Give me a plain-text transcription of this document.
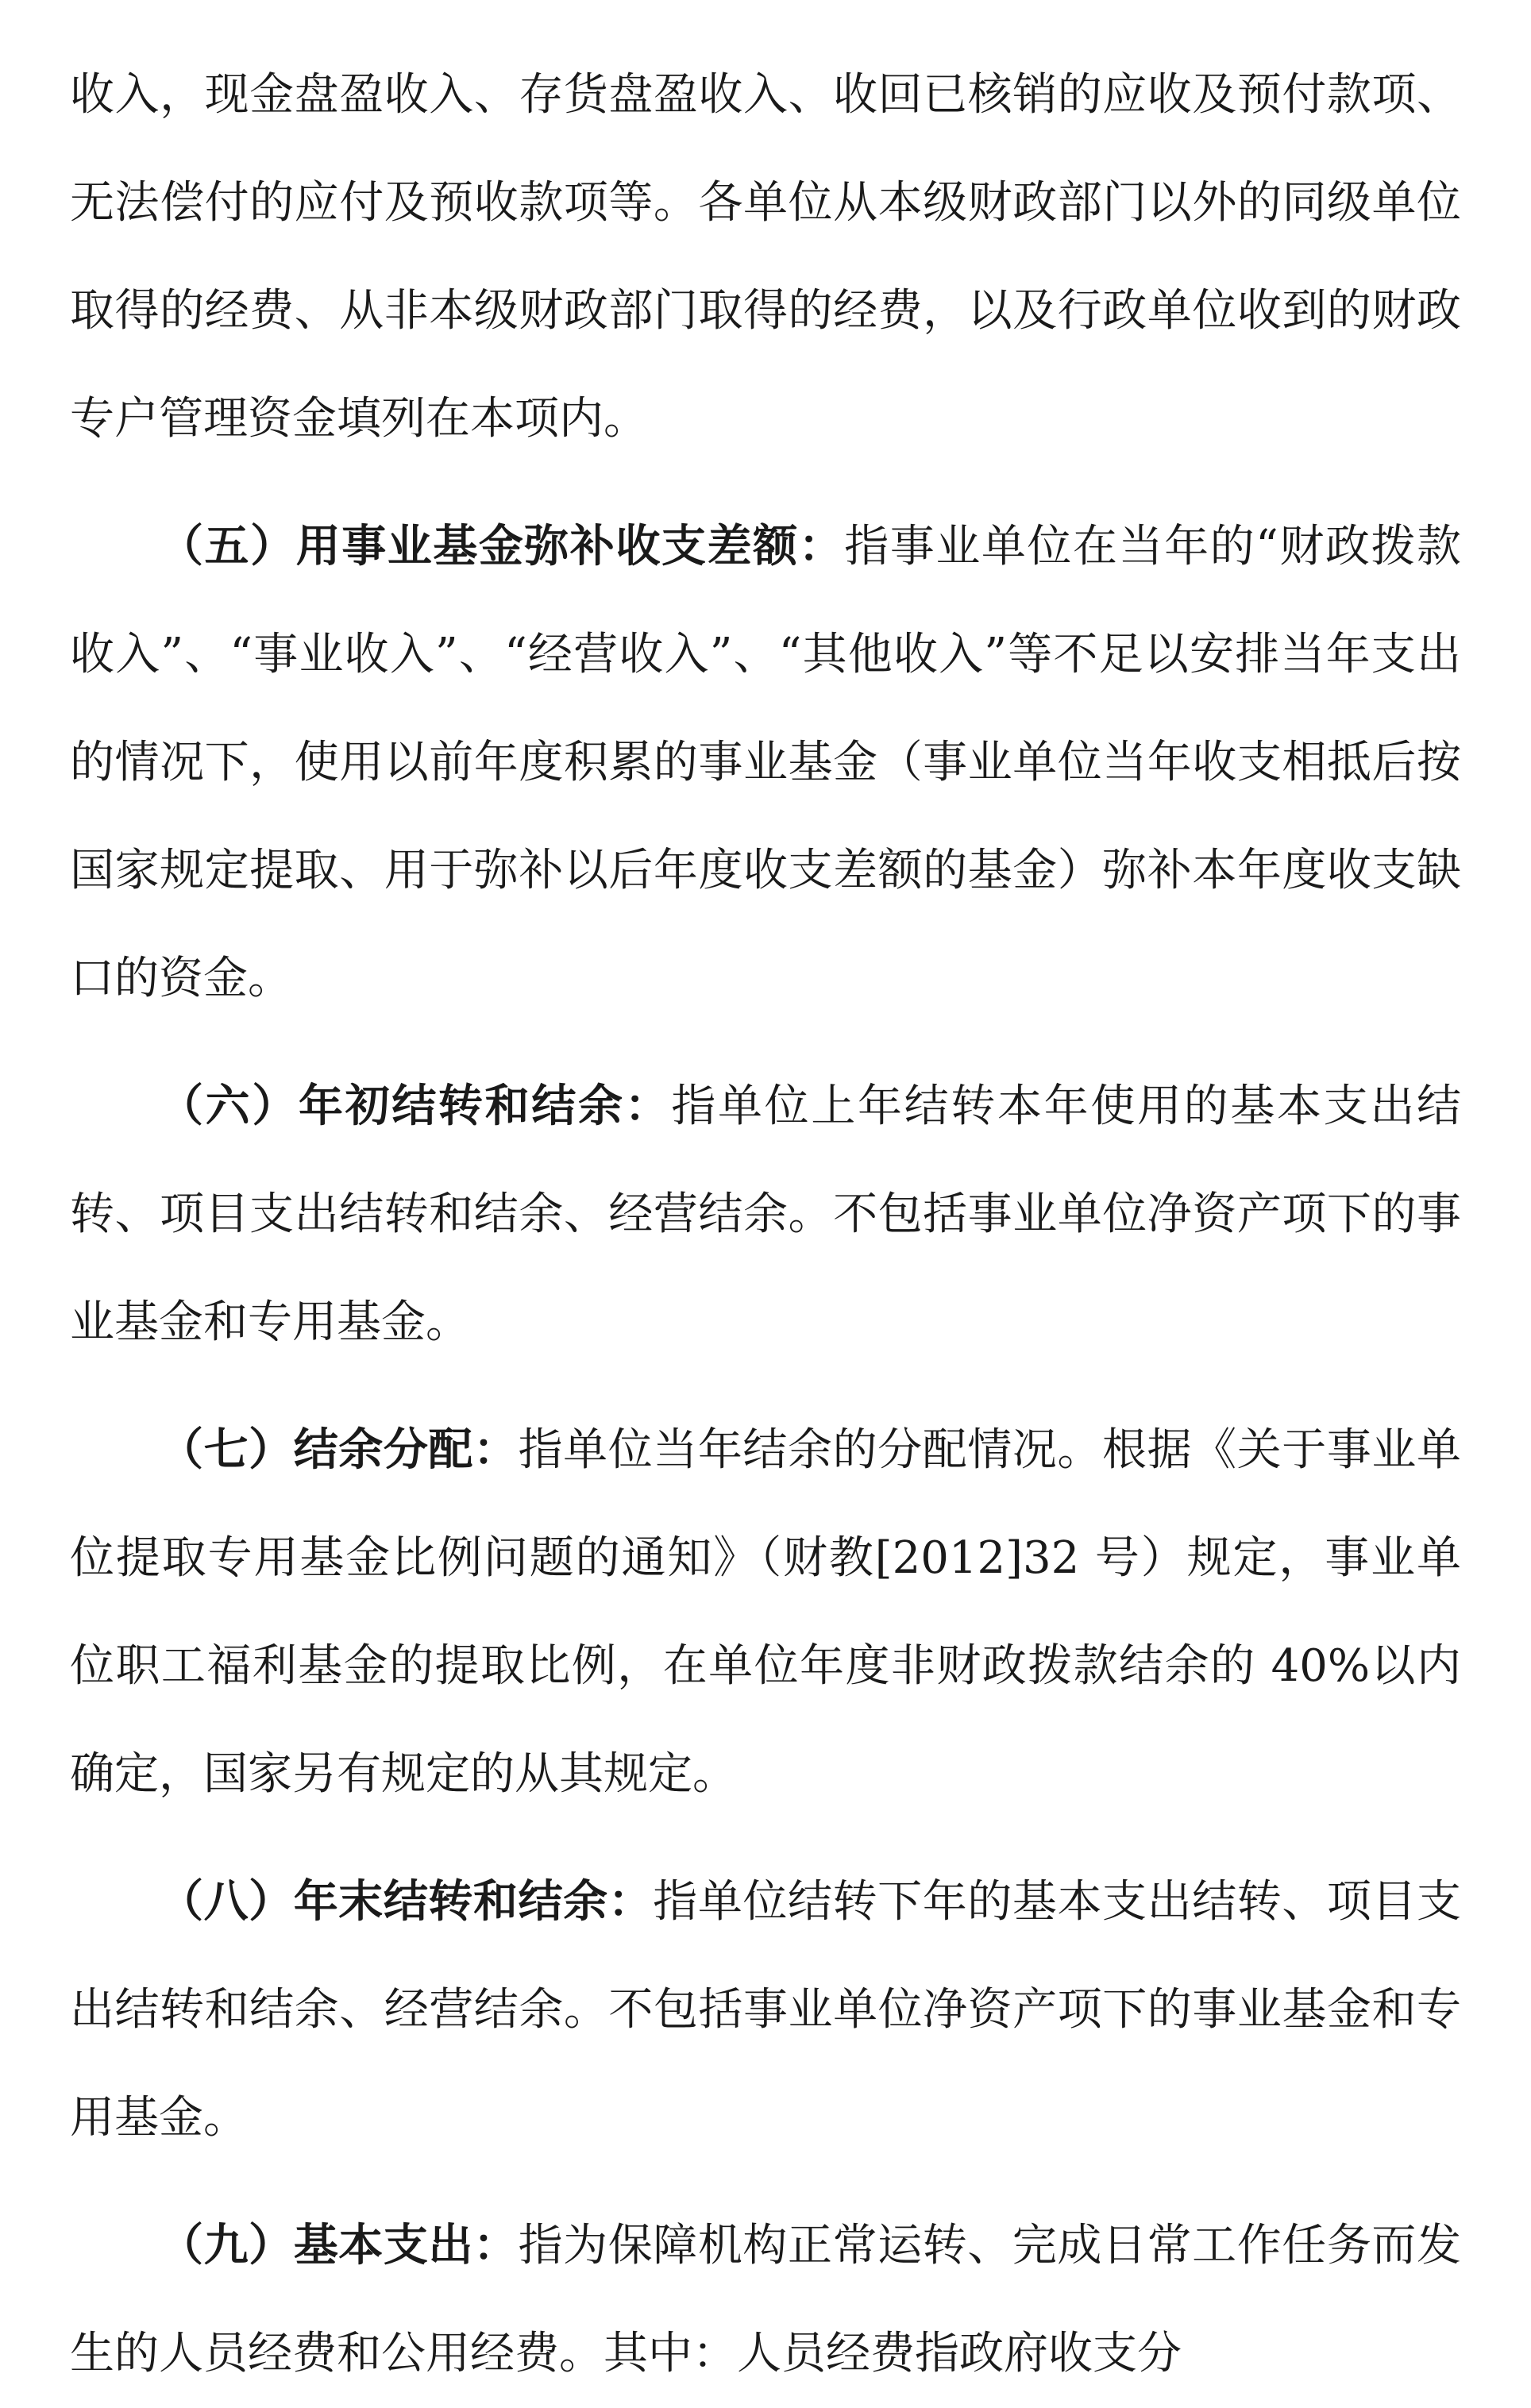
收入，现金盘盈收入、存货盘盈收入、收回已核销的应收及预付款项、无法偿付的应付及预收款项等。各单位从本级财政部门以外的同级单位取得的经费、从非本级财政部门取得的经费，以及行政单位收到的财政专户管理资金填列在本项内。

（五）用事业基金弥补收支差额：指事业单位在当年的“财政拨款收入”、“事业收入”、“经营收入”、“其他收入”等不足以安排当年支出的情况下，使用以前年度积累的事业基金（事业单位当年收支相抵后按国家规定提取、用于弥补以后年度收支差额的基金）弥补本年度收支缺口的资金。

（六）年初结转和结余：指单位上年结转本年使用的基本支出结转、项目支出结转和结余、经营结余。不包括事业单位净资产项下的事业基金和专用基金。

（七）结余分配：指单位当年结余的分配情况。根据《关于事业单位提取专用基金比例问题的通知》（财教[2012]32 号）规定，事业单位职工福利基金的提取比例，在单位年度非财政拨款结余的 40%以内确定，国家另有规定的从其规定。

（八）年末结转和结余：指单位结转下年的基本支出结转、项目支出结转和结余、经营结余。不包括事业单位净资产项下的事业基金和专用基金。

（九）基本支出：指为保障机构正常运转、完成日常工作任务而发生的人员经费和公用经费。其中：人员经费指政府收支分
